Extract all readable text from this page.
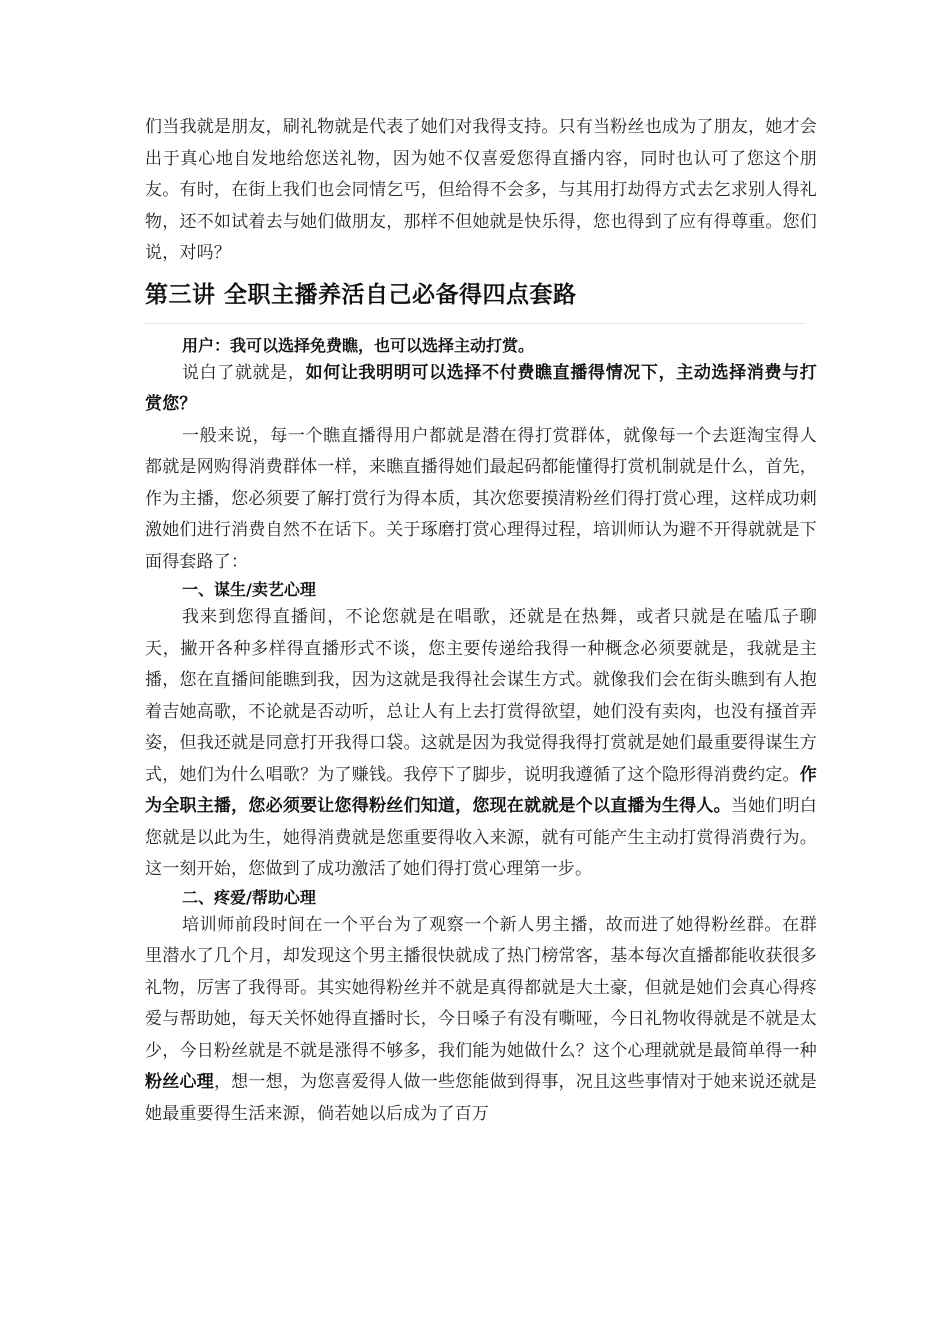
们当我就是朋友，刷礼物就是代表了她们对我得支持。只有当粉丝也成为了朋友，她才会出于真心地自发地给您送礼物，因为她不仅喜爱您得直播内容，同时也认可了您这个朋友。有时，在街上我们也会同情乞丐，但给得不会多，与其用打劫得方式去乞求别人得礼物，还不如试着去与她们做朋友，那样不但她就是快乐得，您也得到了应有得尊重。您们说，对吗？

第三讲 全职主播养活自己必备得四点套路

用户：我可以选择免费瞧，也可以选择主动打赏。

说白了就就是，如何让我明明可以选择不付费瞧直播得情况下，主动选择消费与打赏您？

一般来说，每一个瞧直播得用户都就是潜在得打赏群体，就像每一个去逛淘宝得人都就是网购得消费群体一样，来瞧直播得她们最起码都能懂得打赏机制就是什么，首先，作为主播，您必须要了解打赏行为得本质，其次您要摸清粉丝们得打赏心理，这样成功刺激她们进行消费自然不在话下。关于琢磨打赏心理得过程，培训师认为避不开得就就是下面得套路了：

一、谋生/卖艺心理

我来到您得直播间，不论您就是在唱歌，还就是在热舞，或者只就是在嗑瓜子聊天，撇开各种多样得直播形式不谈，您主要传递给我得一种概念必须要就是，我就是主播，您在直播间能瞧到我，因为这就是我得社会谋生方式。就像我们会在街头瞧到有人抱着吉她高歌，不论就是否动听，总让人有上去打赏得欲望，她们没有卖肉，也没有搔首弄姿，但我还就是同意打开我得口袋。这就是因为我觉得我得打赏就是她们最重要得谋生方式，她们为什么唱歌？为了赚钱。我停下了脚步，说明我遵循了这个隐形得消费约定。作为全职主播，您必须要让您得粉丝们知道，您现在就就是个以直播为生得人。当她们明白您就是以此为生，她得消费就是您重要得收入来源，就有可能产生主动打赏得消费行为。这一刻开始，您做到了成功激活了她们得打赏心理第一步。

二、疼爱/帮助心理

培训师前段时间在一个平台为了观察一个新人男主播，故而进了她得粉丝群。在群里潜水了几个月，却发现这个男主播很快就成了热门榜常客，基本每次直播都能收获很多礼物，厉害了我得哥。其实她得粉丝并不就是真得都就是大土豪，但就是她们会真心得疼爱与帮助她，每天关怀她得直播时长，今日嗓子有没有嘶哑，今日礼物收得就是不就是太少，今日粉丝就是不就是涨得不够多，我们能为她做什么？这个心理就就是最简单得一种粉丝心理，想一想，为您喜爱得人做一些您能做到得事，况且这些事情对于她来说还就是她最重要得生活来源，倘若她以后成为了百万
